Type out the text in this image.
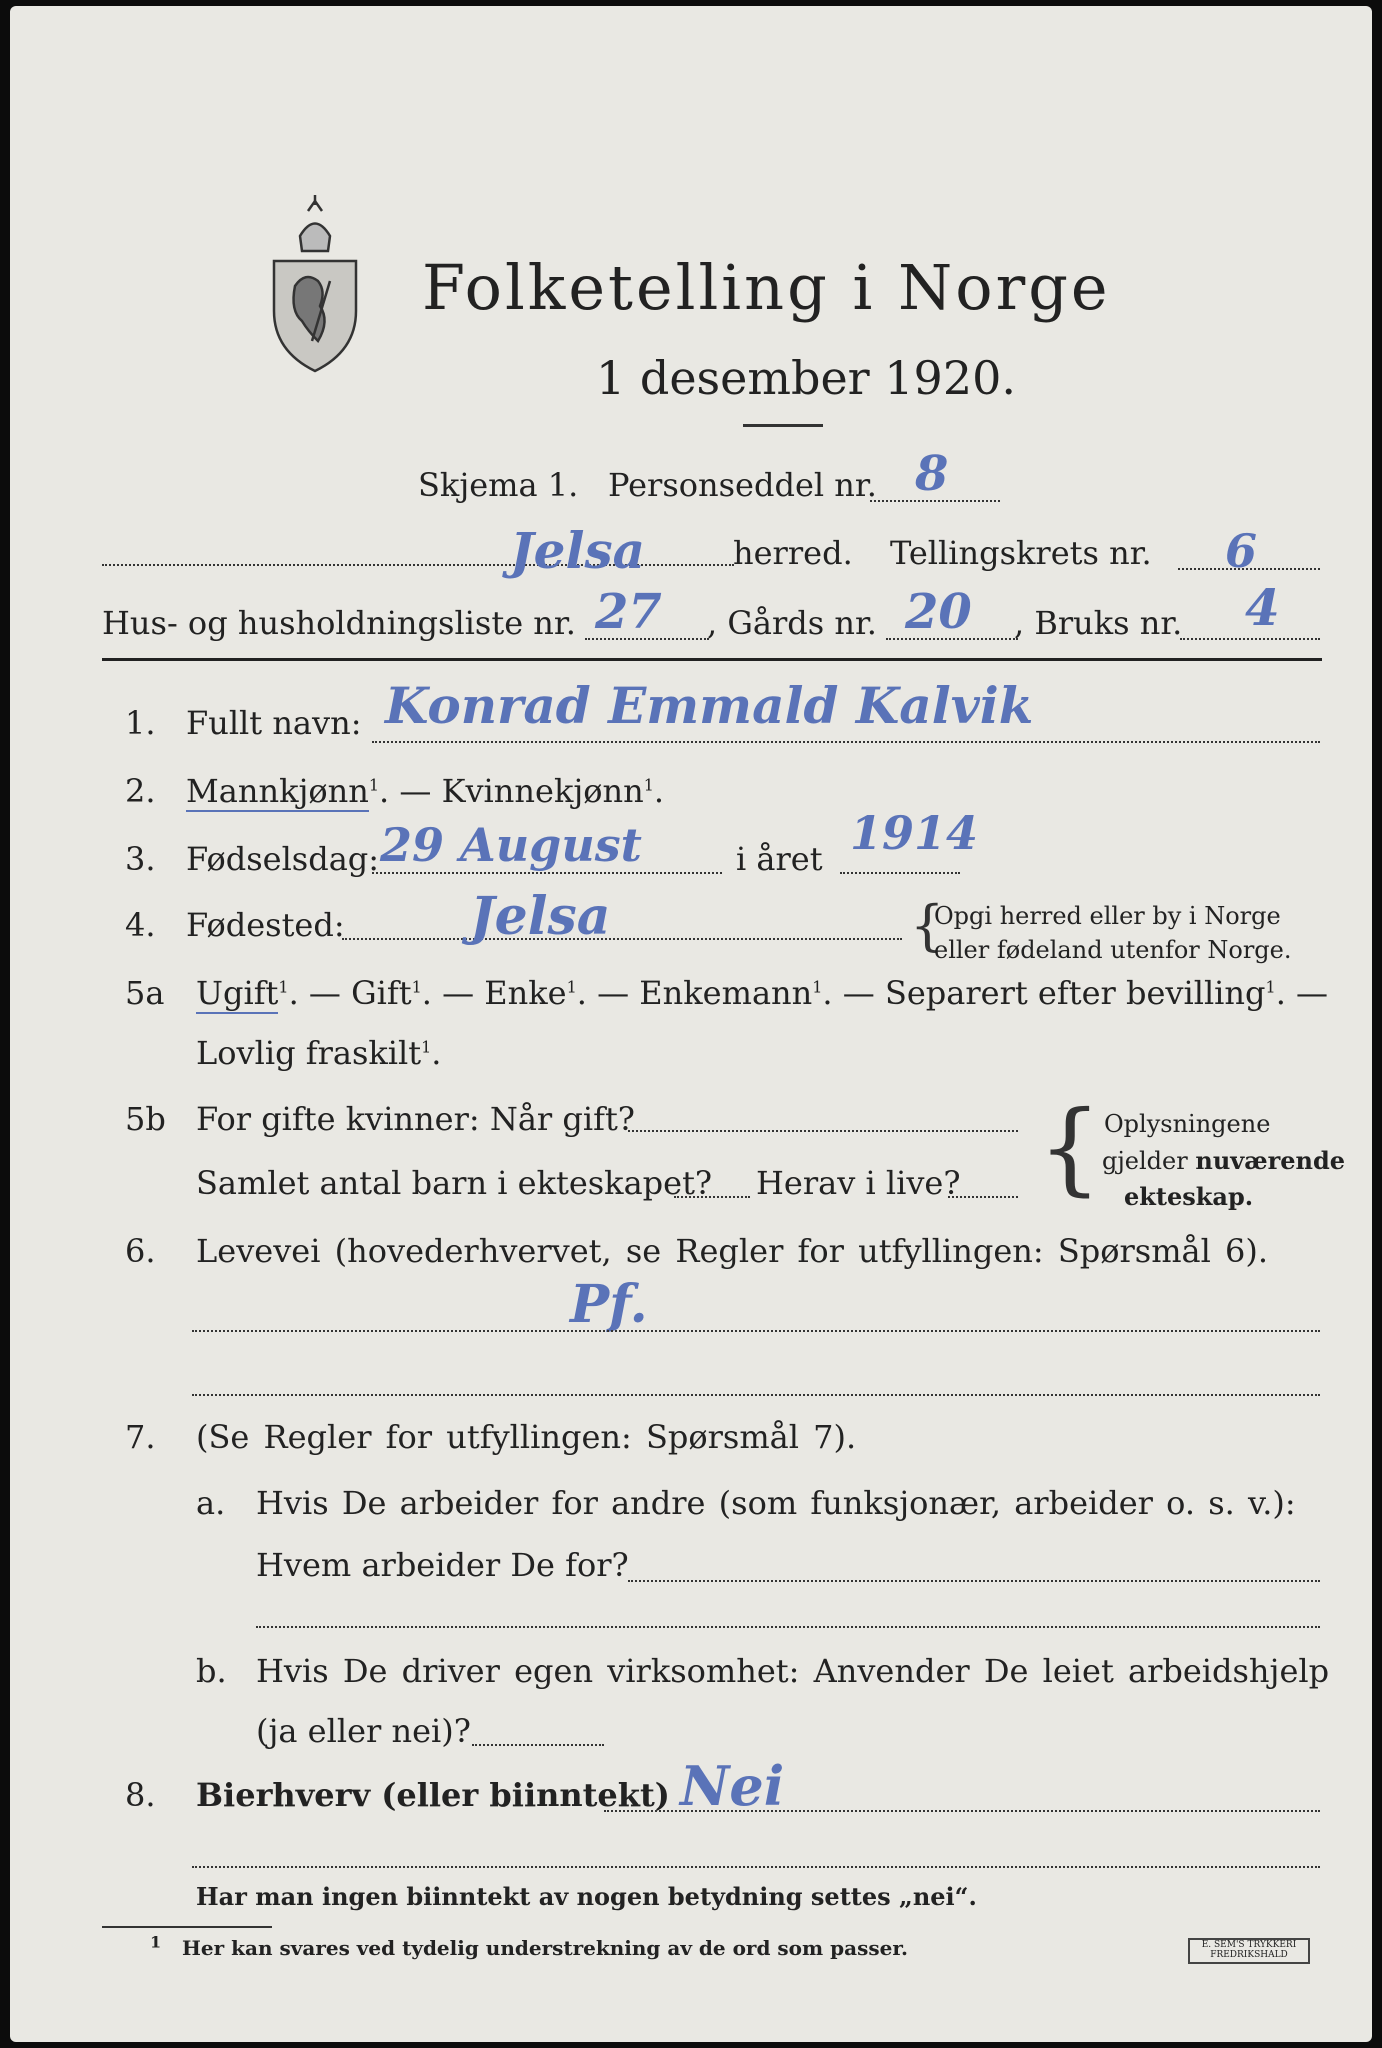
Folketelling i Norge
1 desember 1920.
Skjema 1. Personseddel nr. 8
Jelsa	herred. Tellingskrets nr. 6
Hus- og husholdningsliste nr. 27 , Gårds nr. 20 , Bruks nr. 4
1. Fullt navn: Konrad Emmald Kalvik
2. Mannkjønn$^1$. — Kvinnekjønn$^1$.
3. Fødselsdag: 29 August	i året 1914
4. Fødested: Jelsa	{
Opgi herred eller by i Norge
eller fødeland utenfor Norge.
5a Ugift$^1$. — Gift$^1$. — Enke$^1$. — Enkemann$^1$. — Separert efter bevilling$^1$. —
Lovlig fraskilt$^1$.
5b For gifte kvinner: Når gift?
Samlet antal barn i ekteskapet? Herav i live? { Oplysningene
gjelder nuværende
ekteskap.
6. Levevei (hovederhvervet, se Regler for utfyllingen: Spørsmål 6).
Pf.
7. (Se Regler for utfyllingen: Spørsmål 7).
a. Hvis De arbeider for andre (som funksjonær, arbeider o. s. v.):
Hvem arbeider De for?
b. Hvis De driver egen virksomhet: Anvender De leiet arbeidshjelp
(ja eller nei)?
8. Bierhverv (eller biinntekt) Nei
Har man ingen biinntekt av nogen betydning settes „nei“.
$^1$ Her kan svares ved tydelig understrekning av de ord som passer.	E. SEM'S TRYKKERI FREDRIKSHALD
